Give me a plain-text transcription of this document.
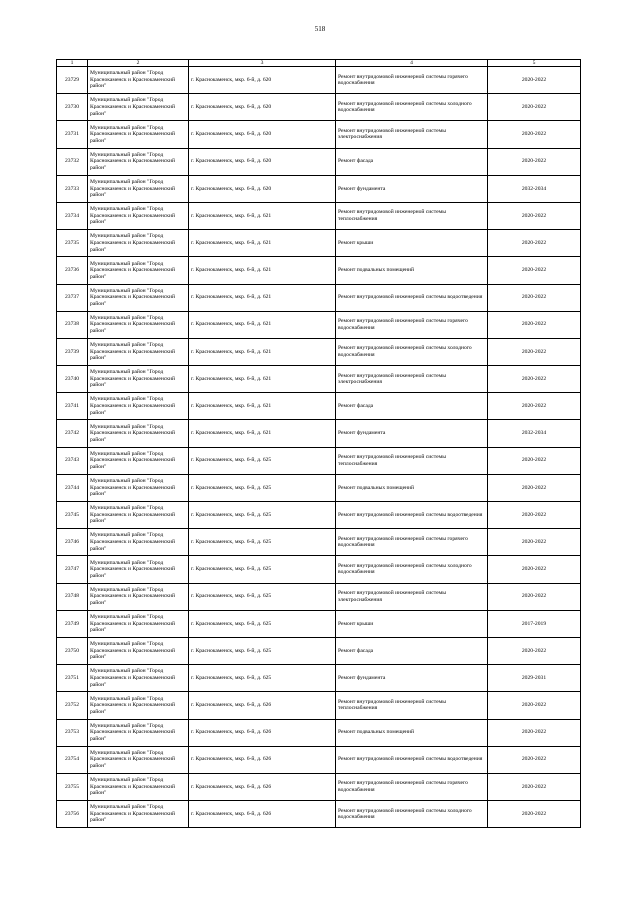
518
1	2	3	4	5
23729	Муниципальный район "Город Краснокаменск и Краснокаменский район"	г. Краснокаменск, мкр. 6-й, д. 620	Ремонт внутридомовой инженерной системы горячего водоснабжения	2020-2022
23730	Муниципальный район "Город Краснокаменск и Краснокаменский район"	г. Краснокаменск, мкр. 6-й, д. 620	Ремонт внутридомовой инженерной системы холодного водоснабжения	2020-2022
23731	Муниципальный район "Город Краснокаменск и Краснокаменский район"	г. Краснокаменск, мкр. 6-й, д. 620	Ремонт внутридомовой инженерной системы электроснабжения	2020-2022
23732	Муниципальный район "Город Краснокаменск и Краснокаменский район"	г. Краснокаменск, мкр. 6-й, д. 620	Ремонт фасада	2020-2022
23733	Муниципальный район "Город Краснокаменск и Краснокаменский район"	г. Краснокаменск, мкр. 6-й, д. 620	Ремонт фундамента	2032-2034
23734	Муниципальный район "Город Краснокаменск и Краснокаменский район"	г. Краснокаменск, мкр. 6-й, д. 621	Ремонт внутридомовой инженерной системы теплоснабжения	2020-2022
23735	Муниципальный район "Город Краснокаменск и Краснокаменский район"	г. Краснокаменск, мкр. 6-й, д. 621	Ремонт крыши	2020-2022
23736	Муниципальный район "Город Краснокаменск и Краснокаменский район"	г. Краснокаменск, мкр. 6-й, д. 621	Ремонт подвальных помещений	2020-2022
23737	Муниципальный район "Город Краснокаменск и Краснокаменский район"	г. Краснокаменск, мкр. 6-й, д. 621	Ремонт внутридомовой инженерной системы водоотведения	2020-2022
23738	Муниципальный район "Город Краснокаменск и Краснокаменский район"	г. Краснокаменск, мкр. 6-й, д. 621	Ремонт внутридомовой инженерной системы горячего водоснабжения	2020-2022
23739	Муниципальный район "Город Краснокаменск и Краснокаменский район"	г. Краснокаменск, мкр. 6-й, д. 621	Ремонт внутридомовой инженерной системы холодного водоснабжения	2020-2022
23740	Муниципальный район "Город Краснокаменск и Краснокаменский район"	г. Краснокаменск, мкр. 6-й, д. 621	Ремонт внутридомовой инженерной системы электроснабжения	2020-2022
23741	Муниципальный район "Город Краснокаменск и Краснокаменский район"	г. Краснокаменск, мкр. 6-й, д. 621	Ремонт фасада	2020-2022
23742	Муниципальный район "Город Краснокаменск и Краснокаменский район"	г. Краснокаменск, мкр. 6-й, д. 621	Ремонт фундамента	2032-2034
23743	Муниципальный район "Город Краснокаменск и Краснокаменский район"	г. Краснокаменск, мкр. 6-й, д. 625	Ремонт внутридомовой инженерной системы теплоснабжения	2020-2022
23744	Муниципальный район "Город Краснокаменск и Краснокаменский район"	г. Краснокаменск, мкр. 6-й, д. 625	Ремонт подвальных помещений	2020-2022
23745	Муниципальный район "Город Краснокаменск и Краснокаменский район"	г. Краснокаменск, мкр. 6-й, д. 625	Ремонт внутридомовой инженерной системы водоотведения	2020-2022
23746	Муниципальный район "Город Краснокаменск и Краснокаменский район"	г. Краснокаменск, мкр. 6-й, д. 625	Ремонт внутридомовой инженерной системы горячего водоснабжения	2020-2022
23747	Муниципальный район "Город Краснокаменск и Краснокаменский район"	г. Краснокаменск, мкр. 6-й, д. 625	Ремонт внутридомовой инженерной системы холодного водоснабжения	2020-2022
23748	Муниципальный район "Город Краснокаменск и Краснокаменский район"	г. Краснокаменск, мкр. 6-й, д. 625	Ремонт внутридомовой инженерной системы электроснабжения	2020-2022
23749	Муниципальный район "Город Краснокаменск и Краснокаменский район"	г. Краснокаменск, мкр. 6-й, д. 625	Ремонт крыши	2017-2019
23750	Муниципальный район "Город Краснокаменск и Краснокаменский район"	г. Краснокаменск, мкр. 6-й, д. 625	Ремонт фасада	2020-2022
23751	Муниципальный район "Город Краснокаменск и Краснокаменский район"	г. Краснокаменск, мкр. 6-й, д. 625	Ремонт фундамента	2029-2031
23752	Муниципальный район "Город Краснокаменск и Краснокаменский район"	г. Краснокаменск, мкр. 6-й, д. 626	Ремонт внутридомовой инженерной системы теплоснабжения	2020-2022
23753	Муниципальный район "Город Краснокаменск и Краснокаменский район"	г. Краснокаменск, мкр. 6-й, д. 626	Ремонт подвальных помещений	2020-2022
23754	Муниципальный район "Город Краснокаменск и Краснокаменский район"	г. Краснокаменск, мкр. 6-й, д. 626	Ремонт внутридомовой инженерной системы водоотведения	2020-2022
23755	Муниципальный район "Город Краснокаменск и Краснокаменский район"	г. Краснокаменск, мкр. 6-й, д. 626	Ремонт внутридомовой инженерной системы горячего водоснабжения	2020-2022
23756	Муниципальный район "Город Краснокаменск и Краснокаменский район"	г. Краснокаменск, мкр. 6-й, д. 626	Ремонт внутридомовой инженерной системы холодного водоснабжения	2020-2022
